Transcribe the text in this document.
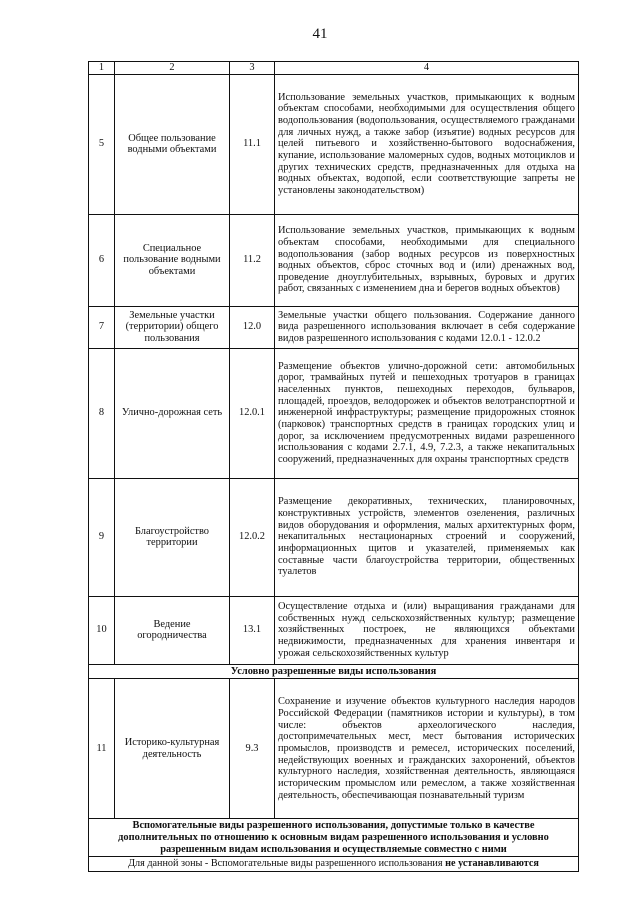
41
1	2	3	4
5	Общее пользование водными объектами	11.1	Использование земельных участков, примыкающих к водным объектам способами, необходимыми для осуществления общего водопользования (водопользования, осуществляемого гражданами для личных нужд, а также забор (изъятие) водных ресурсов для целей питьевого и хозяйственно-бытового водоснабжения, купание, использование маломерных судов, водных мотоциклов и других технических средств, предназначенных для отдыха на водных объектах, водопой, если соответствующие запреты не установлены законодательством)
6	Специальное пользование водными объектами	11.2	Использование земельных участков, примыкающих к водным объектам способами, необходимыми для специального водопользования (забор водных ресурсов из поверхностных водных объектов, сброс сточных вод и (или) дренажных вод, проведение дноуглубительных, взрывных, буровых и других работ, связанных с изменением дна и берегов водных объектов)
7	Земельные участки (территории) общего пользования	12.0	Земельные участки общего пользования. Содержание данного вида разрешенного использования включает в себя содержание видов разрешенного использования с кодами 12.0.1 - 12.0.2
8	Улично-дорожная сеть	12.0.1	Размещение объектов улично-дорожной сети: автомобильных дорог, трамвайных путей и пешеходных тротуаров в границах населенных пунктов, пешеходных переходов, бульваров, площадей, проездов, велодорожек и объектов велотранспортной и инженерной инфраструктуры; размещение придорожных стоянок (парковок) транспортных средств в границах городских улиц и дорог, за исключением предусмотренных видами разрешенного использования с кодами 2.7.1, 4.9, 7.2.3, а также некапитальных сооружений, предназначенных для охраны транспортных средств
9	Благоустройство территории	12.0.2	Размещение декоративных, технических, планировочных, конструктивных устройств, элементов озеленения, различных видов оборудования и оформления, малых архитектурных форм, некапитальных нестационарных строений и сооружений, информационных щитов и указателей, применяемых как составные части благоустройства территории, общественных туалетов
10	Ведение огородничества	13.1	Осуществление отдыха и (или) выращивания гражданами для собственных нужд сельскохозяйственных культур; размещение хозяйственных построек, не являющихся объектами недвижимости, предназначенных для хранения инвентаря и урожая сельскохозяйственных культур
Условно разрешенные виды использования			
11	Историко-культурная деятельность	9.3	Сохранение и изучение объектов культурного наследия народов Российской Федерации (памятников истории и культуры), в том числе: объектов археологического наследия, достопримечательных мест, мест бытования исторических промыслов, производств и ремесел, исторических поселений, недействующих военных и гражданских захоронений, объектов культурного наследия, хозяйственная деятельность, являющаяся историческим промыслом или ремеслом, а также хозяйственная деятельность, обеспечивающая познавательный туризм
Вспомогательные виды разрешенного использования, допустимые только в качестве дополнительных по отношению к основным видам разрешенного использования и условно разрешенным видам использования и осуществляемые совместно с ними			
Для данной зоны - Вспомогательные виды разрешенного использования не устанавливаются			
